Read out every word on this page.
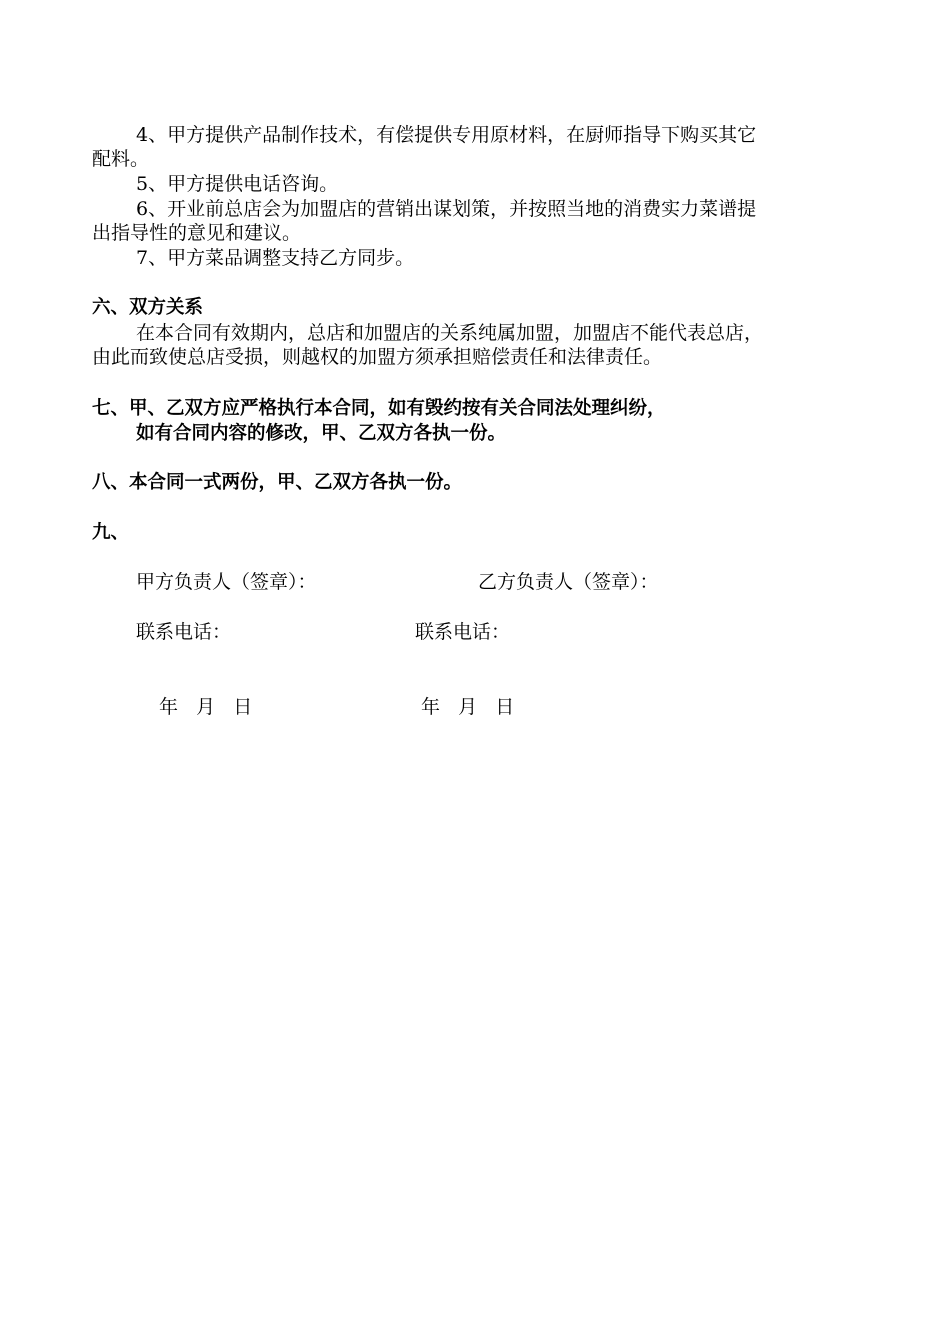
4、甲方提供产品制作技术，有偿提供专用原材料，在厨师指导下购买其它
配料。
5、甲方提供电话咨询。
6、开业前总店会为加盟店的营销出谋划策，并按照当地的消费实力菜谱提
出指导性的意见和建议。
7、甲方菜品调整支持乙方同步。
六、双方关系
在本合同有效期内，总店和加盟店的关系纯属加盟，加盟店不能代表总店，
由此而致使总店受损，则越权的加盟方须承担赔偿责任和法律责任。
七、甲、乙双方应严格执行本合同，如有毁约按有关合同法处理纠纷，
如有合同内容的修改，甲、乙双方各执一份。
八、本合同一式两份，甲、乙双方各执一份。
九、
甲方负责人（签章）：	乙方负责人（签章）：
联系电话：	联系电话：
年   月   日	年   月   日
